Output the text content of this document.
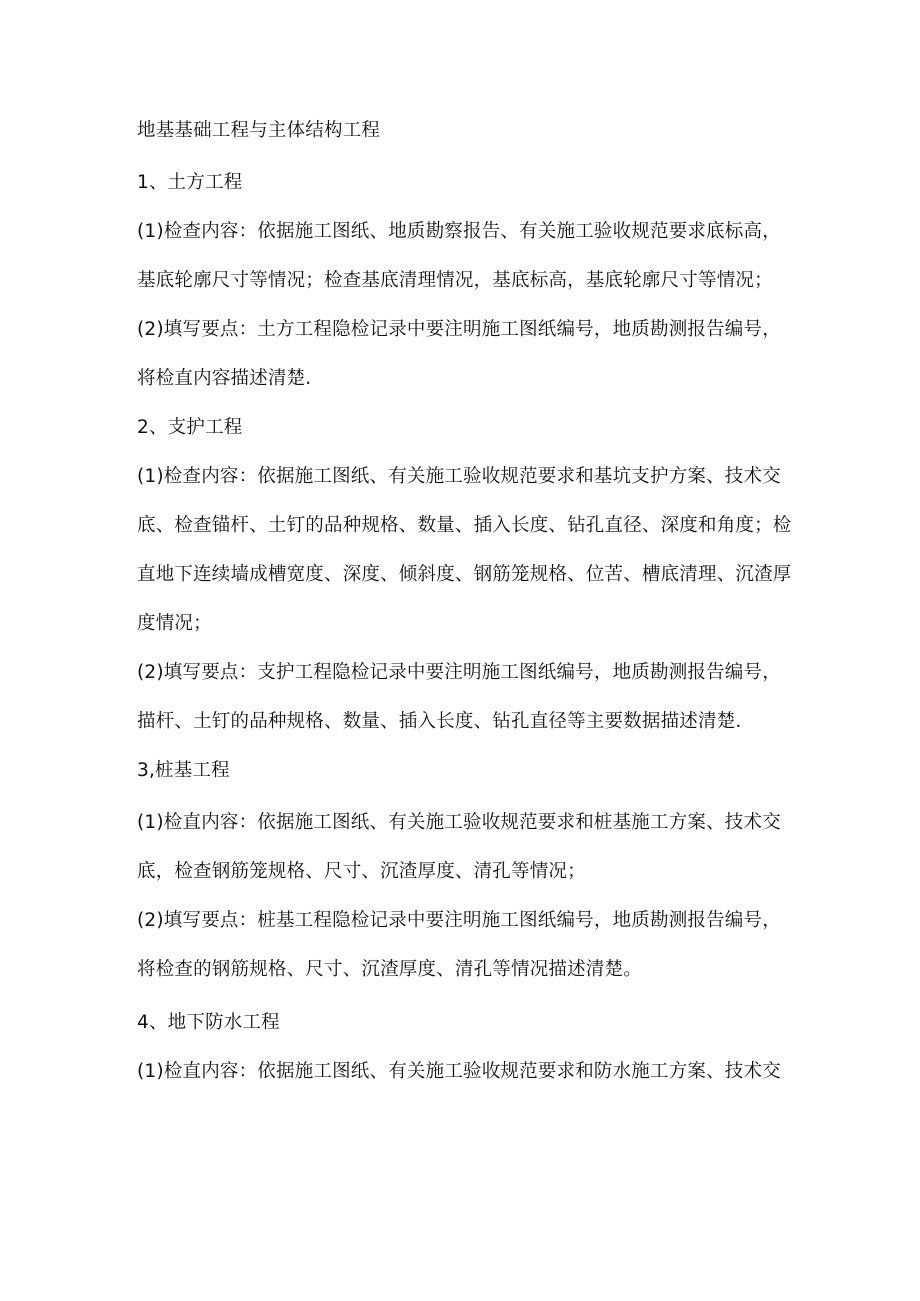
地基基础工程与主体结构工程
1、土方工程
(1)检查内容：依据施工图纸、地质勘察报告、有关施工验收规范要求底标高，
基底轮廓尺寸等情况；检查基底清理情况，基底标高，基底轮廓尺寸等情况；
(2)填写要点：土方工程隐检记录中要注明施工图纸编号，地质勘测报告编号，
将检直内容描述清楚.
2、支护工程
(1)检查内容：依据施工图纸、有关施工验收规范要求和基坑支护方案、技术交
底、检查锚杆、土钉的品种规格、数量、插入长度、钻孔直径、深度和角度；检
直地下连续墙成槽宽度、深度、倾斜度、钢筋笼规格、位苦、槽底清理、沉渣厚
度情况；
(2)填写要点：支护工程隐检记录中要注明施工图纸编号，地质勘测报告编号，
描杆、土钉的品种规格、数量、插入长度、钻孔直径等主要数据描述清楚.
3,桩基工程
(1)检直内容：依据施工图纸、有关施工验收规范要求和桩基施工方案、技术交
底，检查钢筋笼规格、尺寸、沉渣厚度、清孔等情况；
(2)填写要点：桩基工程隐检记录中要注明施工图纸编号，地质勘测报告编号，
将检查的钢筋规格、尺寸、沉渣厚度、清孔等情况描述清楚。
4、地下防水工程
(1)检直内容：依据施工图纸、有关施工验收规范要求和防水施工方案、技术交
